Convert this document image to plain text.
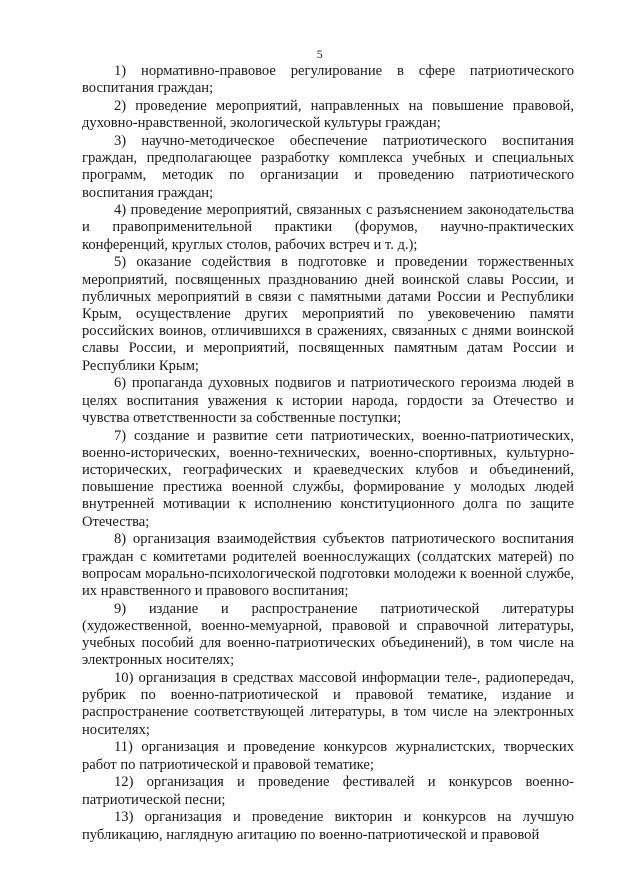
5

1) нормативно-правовое регулирование в сфере патриотического воспитания граждан;

2) проведение мероприятий, направленных на повышение правовой, духовно-нравственной, экологической культуры граждан;

3) научно-методическое обеспечение патриотического воспитания граждан, предполагающее разработку комплекса учебных и специальных программ, методик по организации и проведению патриотического воспитания граждан;

4) проведение мероприятий, связанных с разъяснением законодательства и правоприменительной практики (форумов, научно-практических конференций, круглых столов, рабочих встреч и т. д.);

5) оказание содействия в подготовке и проведении торжественных мероприятий, посвященных празднованию дней воинской славы России, и публичных мероприятий в связи с памятными датами России и Республики Крым, осуществление других мероприятий по увековечению памяти российских воинов, отличившихся в сражениях, связанных с днями воинской славы России, и мероприятий, посвященных памятным датам России и Республики Крым;

6) пропаганда духовных подвигов и патриотического героизма людей в целях воспитания уважения к истории народа, гордости за Отечество и чувства ответственности за собственные поступки;

7) создание и развитие сети патриотических, военно-патриотических, военно-исторических, военно-технических, военно-спортивных, культурно-исторических, географических и краеведческих клубов и объединений, повышение престижа военной службы, формирование у молодых людей внутренней мотивации к исполнению конституционного долга по защите Отечества;

8) организация взаимодействия субъектов патриотического воспитания граждан с комитетами родителей военнослужащих (солдатских матерей) по вопросам морально-психологической подготовки молодежи к военной службе, их нравственного и правового воспитания;

9) издание и распространение патриотической литературы (художественной, военно-мемуарной, правовой и справочной литературы, учебных пособий для военно-патриотических объединений), в том числе на электронных носителях;

10) организация в средствах массовой информации теле-, радиопередач, рубрик по военно-патриотической и правовой тематике, издание и распространение соответствующей литературы, в том числе на электронных носителях;

11) организация и проведение конкурсов журналистских, творческих работ по патриотической и правовой тематике;

12) организация и проведение фестивалей и конкурсов военно-патриотической песни;

13) организация и проведение викторин и конкурсов на лучшую публикацию, наглядную агитацию по военно-патриотической и правовой
